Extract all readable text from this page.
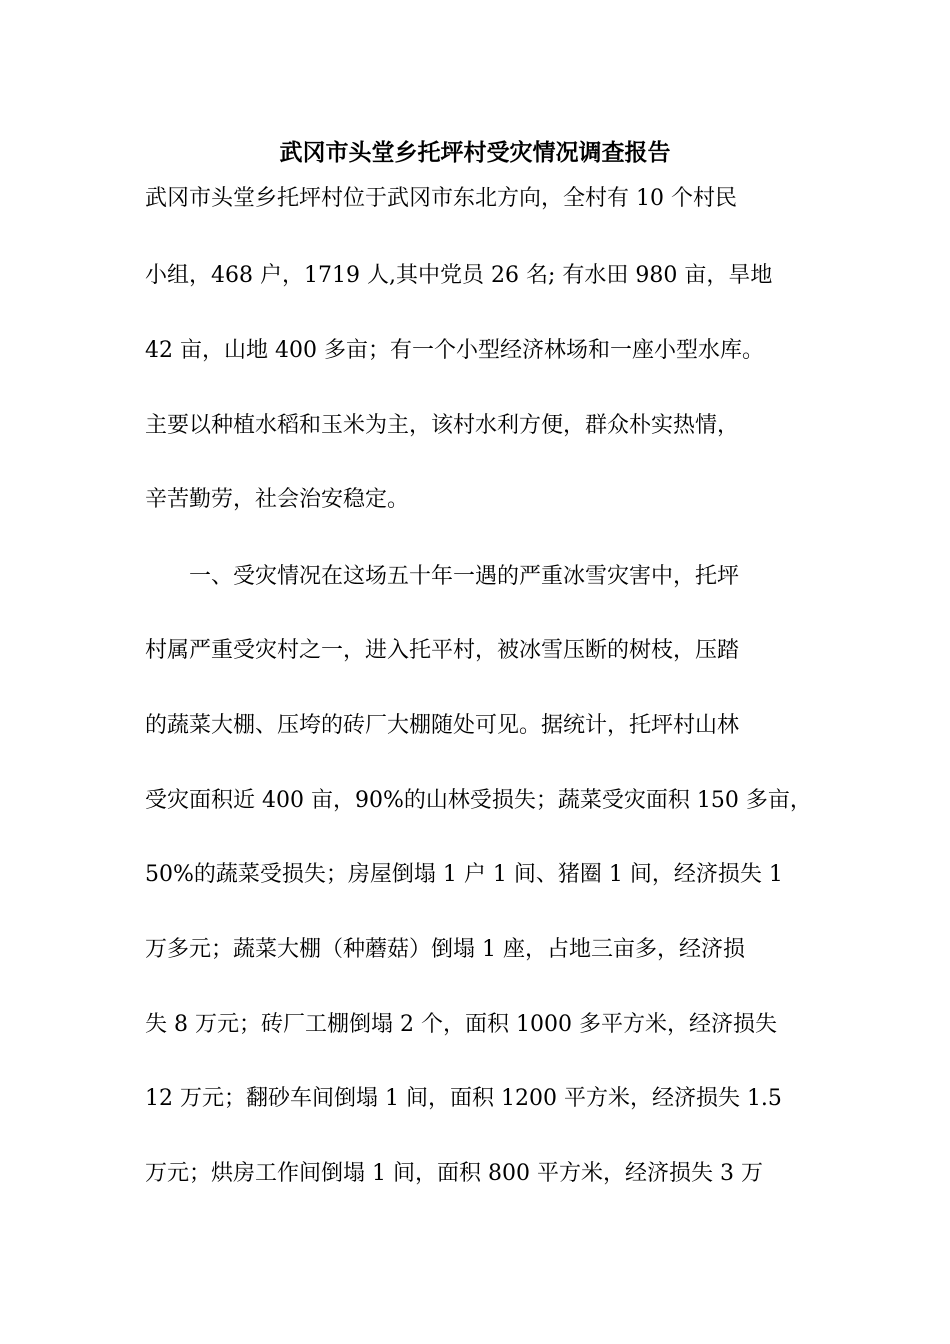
武冈市头堂乡托坪村受灾情况调查报告
武冈市头堂乡托坪村位于武冈市东北方向，全村有 10 个村民
小组，468 户，1719 人,其中党员 26 名; 有水田 980 亩，旱地
42 亩，山地 400 多亩；有一个小型经济林场和一座小型水库。
主要以种植水稻和玉米为主，该村水利方便，群众朴实热情，
辛苦勤劳，社会治安稳定。
　　一、受灾情况在这场五十年一遇的严重冰雪灾害中，托坪
村属严重受灾村之一，进入托平村，被冰雪压断的树枝，压踏
的蔬菜大棚、压垮的砖厂大棚随处可见。据统计，托坪村山林
受灾面积近 400 亩，90%的山林受损失；蔬菜受灾面积 150 多亩，
50%的蔬菜受损失；房屋倒塌 1 户 1 间、猪圈 1 间，经济损失 1
万多元；蔬菜大棚（种蘑菇）倒塌 1 座，占地三亩多，经济损
失 8 万元；砖厂工棚倒塌 2 个，面积 1000 多平方米，经济损失
12 万元；翻砂车间倒塌 1 间，面积 1200 平方米，经济损失 1.5
万元；烘房工作间倒塌 1 间，面积 800 平方米，经济损失 3 万
